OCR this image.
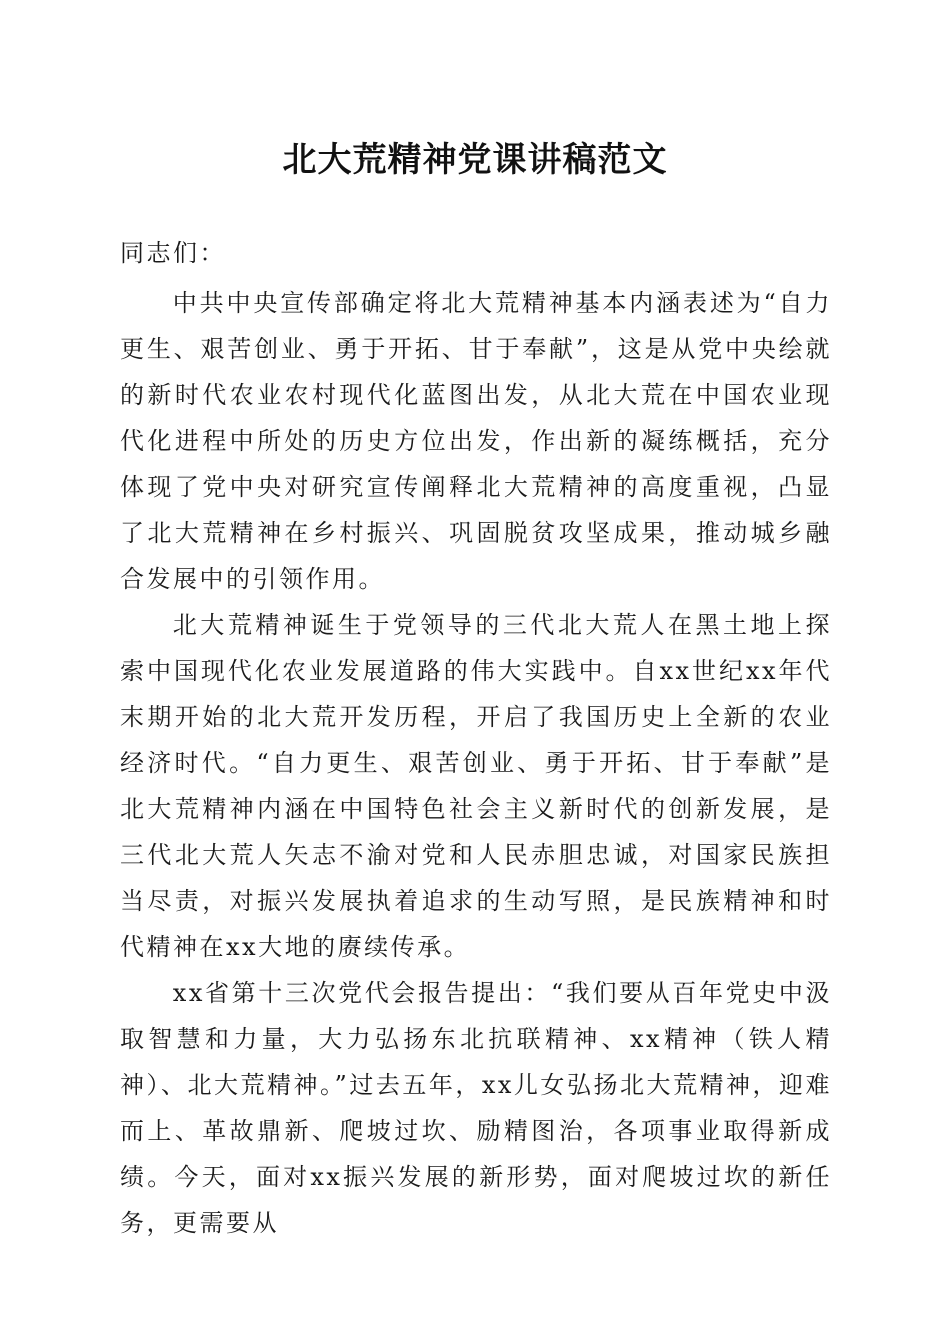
北大荒精神党课讲稿范文

同志们：

中共中央宣传部确定将北大荒精神基本内涵表述为“自力更生、艰苦创业、勇于开拓、甘于奉献”，这是从党中央绘就的新时代农业农村现代化蓝图出发，从北大荒在中国农业现代化进程中所处的历史方位出发，作出新的凝练概括，充分体现了党中央对研究宣传阐释北大荒精神的高度重视，凸显了北大荒精神在乡村振兴、巩固脱贫攻坚成果，推动城乡融合发展中的引领作用。

北大荒精神诞生于党领导的三代北大荒人在黑土地上探索中国现代化农业发展道路的伟大实践中。自xx世纪xx年代末期开始的北大荒开发历程，开启了我国历史上全新的农业经济时代。“自力更生、艰苦创业、勇于开拓、甘于奉献”是北大荒精神内涵在中国特色社会主义新时代的创新发展，是三代北大荒人矢志不渝对党和人民赤胆忠诚，对国家民族担当尽责，对振兴发展执着追求的生动写照，是民族精神和时代精神在xx大地的赓续传承。

xx省第十三次党代会报告提出：“我们要从百年党史中汲取智慧和力量，大力弘扬东北抗联精神、xx精神（铁人精神）、北大荒精神。”过去五年，xx儿女弘扬北大荒精神，迎难而上、革故鼎新、爬坡过坎、励精图治，各项事业取得新成绩。今天，面对xx振兴发展的新形势，面对爬坡过坎的新任务，更需要从
